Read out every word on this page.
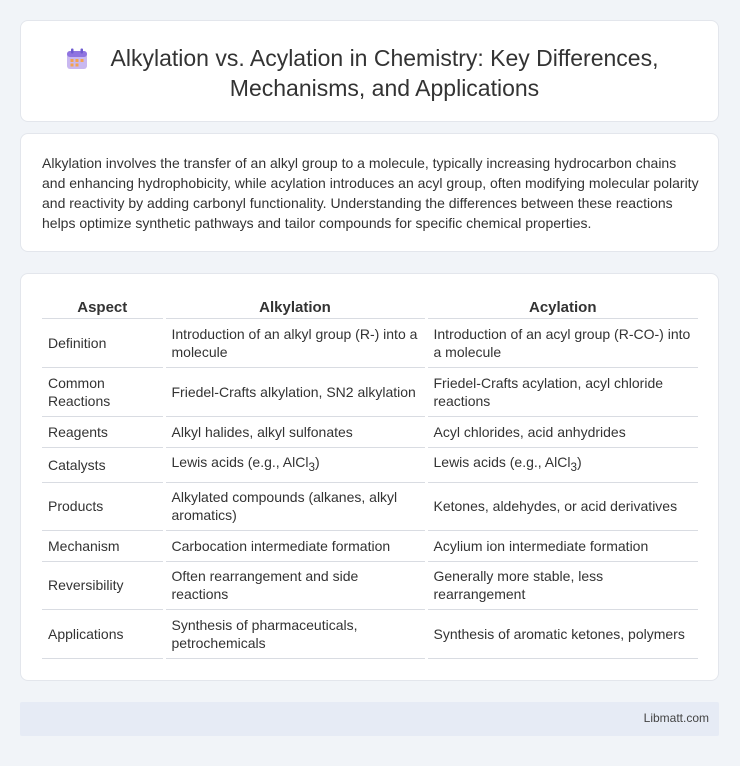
Alkylation vs. Acylation in Chemistry: Key Differences, Mechanisms, and Applications

Alkylation involves the transfer of an alkyl group to a molecule, typically increasing hydrocarbon chains and enhancing hydrophobicity, while acylation introduces an acyl group, often modifying molecular polarity and reactivity by adding carbonyl functionality. Understanding the differences between these reactions helps optimize synthetic pathways and tailor compounds for specific chemical properties.

Aspect	Alkylation	Acylation
Definition	Introduction of an alkyl group (R-) into a molecule	Introduction of an acyl group (R-CO-) into a molecule
Common Reactions	Friedel-Crafts alkylation, SN2 alkylation	Friedel-Crafts acylation, acyl chloride reactions
Reagents	Alkyl halides, alkyl sulfonates	Acyl chlorides, acid anhydrides
Catalysts	Lewis acids (e.g., AlCl$_3$)	Lewis acids (e.g., AlCl$_3$)
Products	Alkylated compounds (alkanes, alkyl aromatics)	Ketones, aldehydes, or acid derivatives
Mechanism	Carbocation intermediate formation	Acylium ion intermediate formation
Reversibility	Often rearrangement and side reactions	Generally more stable, less rearrangement
Applications	Synthesis of pharmaceuticals, petrochemicals	Synthesis of aromatic ketones, polymers
Libmatt.com
